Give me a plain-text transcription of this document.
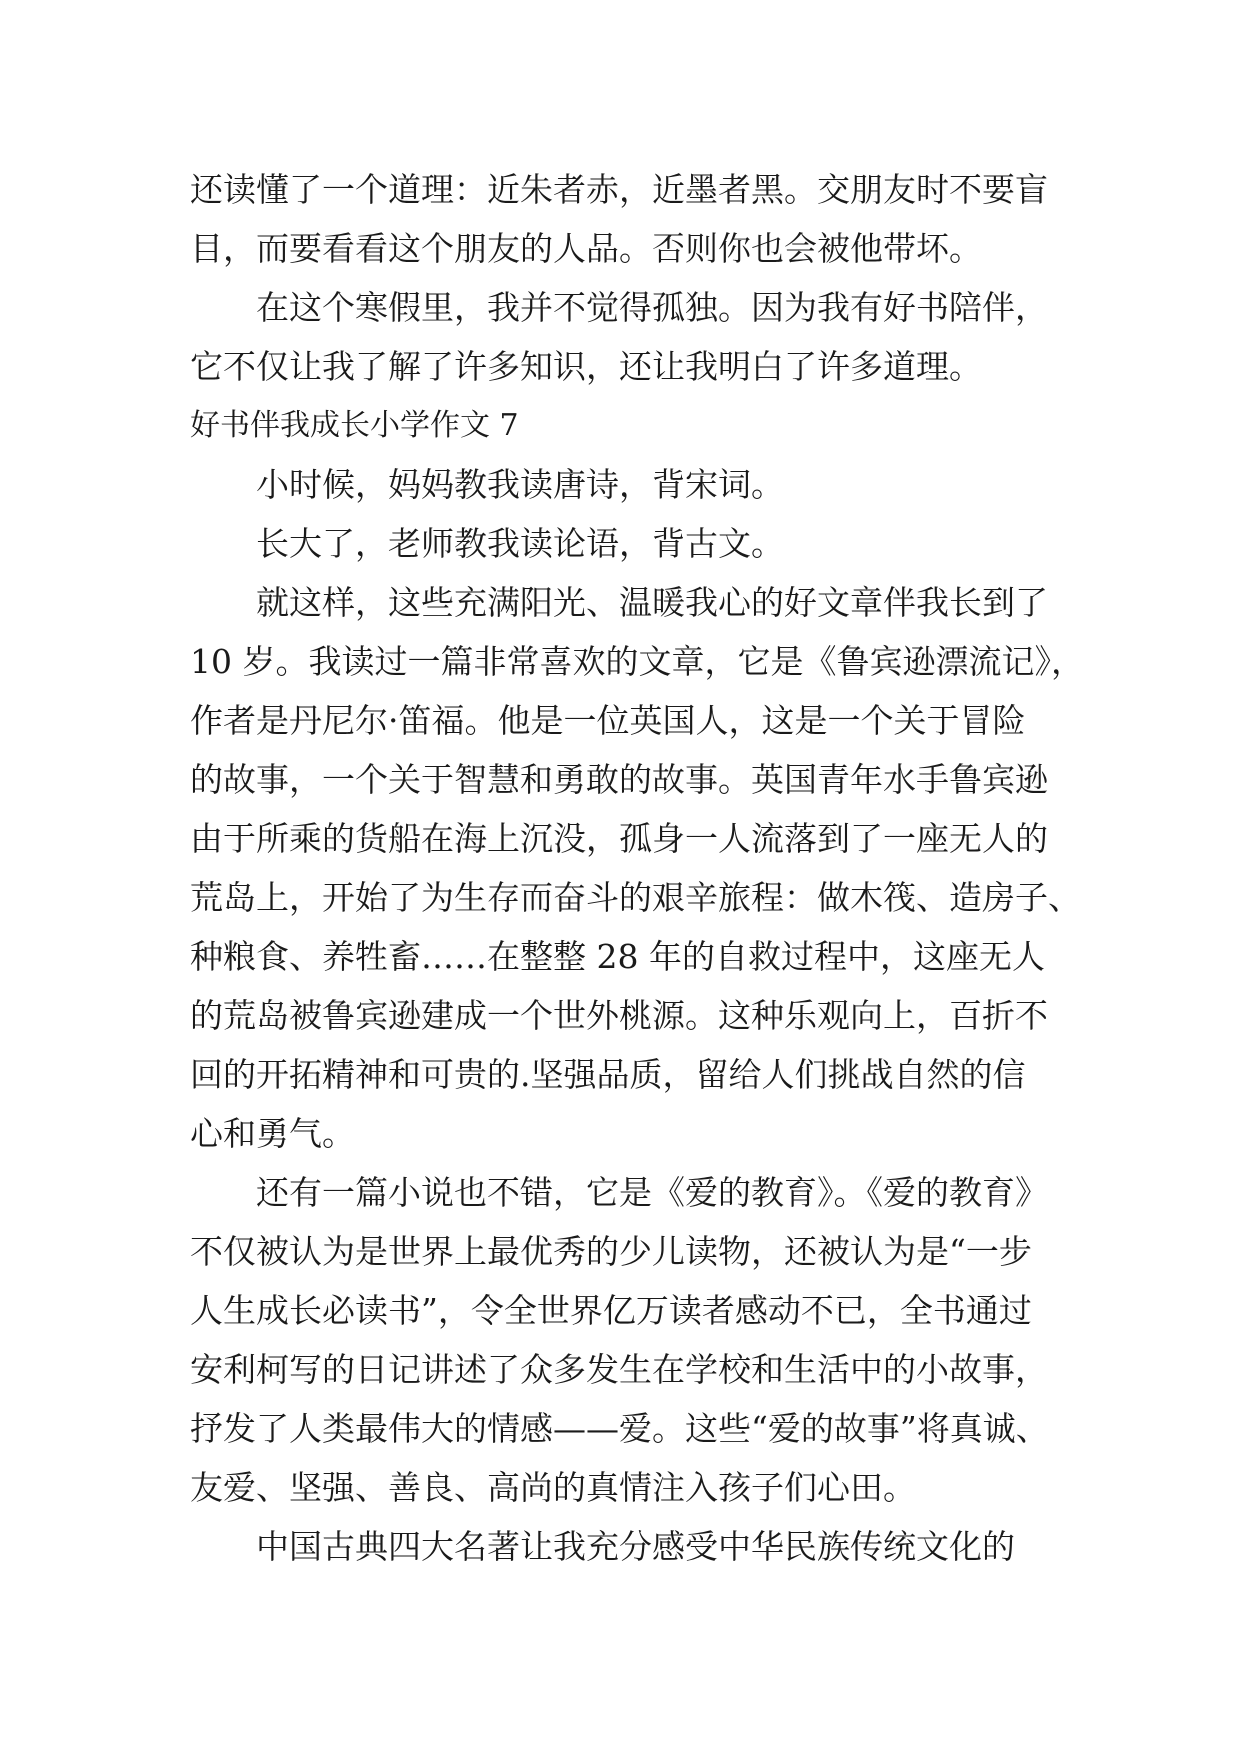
还读懂了一个道理：近朱者赤，近墨者黑。交朋友时不要盲
目，而要看看这个朋友的人品。否则你也会被他带坏。
　　在这个寒假里，我并不觉得孤独。因为我有好书陪伴，
它不仅让我了解了许多知识，还让我明白了许多道理。
好书伴我成长小学作文 7
　　小时候，妈妈教我读唐诗，背宋词。
　　长大了，老师教我读论语，背古文。
　　就这样，这些充满阳光、温暖我心的好文章伴我长到了
10 岁。我读过一篇非常喜欢的文章，它是《鲁宾逊漂流记》，
作者是丹尼尔·笛福。他是一位英国人，这是一个关于冒险
的故事，一个关于智慧和勇敢的故事。英国青年水手鲁宾逊
由于所乘的货船在海上沉没，孤身一人流落到了一座无人的
荒岛上，开始了为生存而奋斗的艰辛旅程：做木筏、造房子、
种粮食、养牲畜……在整整 28 年的自救过程中，这座无人
的荒岛被鲁宾逊建成一个世外桃源。这种乐观向上，百折不
回的开拓精神和可贵的.坚强品质，留给人们挑战自然的信
心和勇气。
　　还有一篇小说也不错，它是《爱的教育》。《爱的教育》
不仅被认为是世界上最优秀的少儿读物，还被认为是“一步
人生成长必读书”，令全世界亿万读者感动不已，全书通过
安利柯写的日记讲述了众多发生在学校和生活中的小故事，
抒发了人类最伟大的情感——爱。这些“爱的故事”将真诚、
友爱、坚强、善良、高尚的真情注入孩子们心田。
　　中国古典四大名著让我充分感受中华民族传统文化的
